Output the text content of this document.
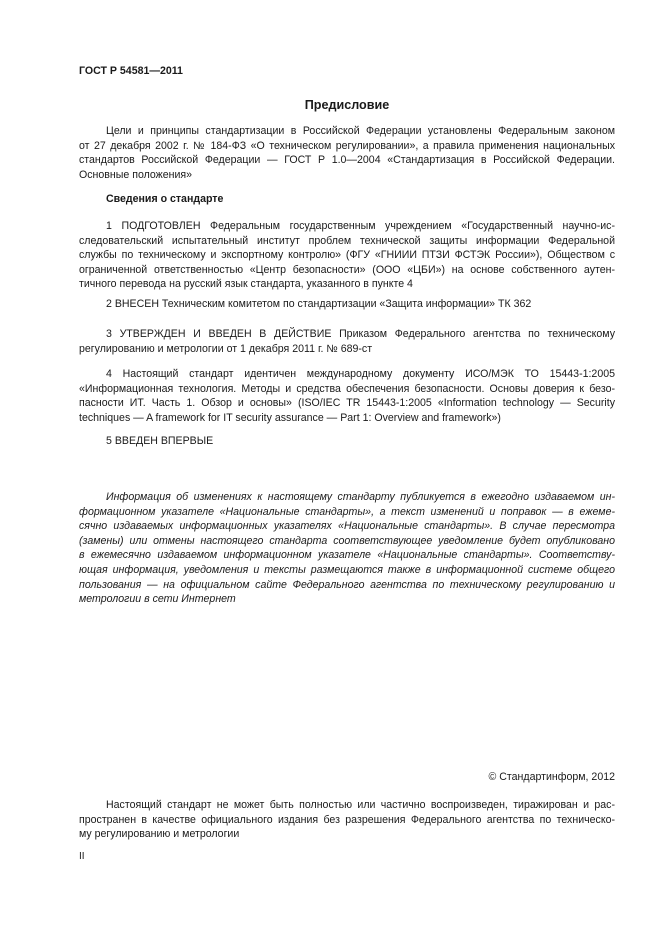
ГОСТ Р 54581—2011
Предисловие
Цели и принципы стандартизации в Российской Федерации установлены Федеральным законом
от 27 декабря 2002 г. № 184-ФЗ «О техническом регулировании», а правила применения национальных
стандартов Российской Федерации — ГОСТ Р 1.0—2004 «Стандартизация в Российской Федерации.
Основные положения»
Сведения о стандарте
1 ПОДГОТОВЛЕН Федеральным государственным учреждением «Государственный научно-ис-
следовательский испытательный институт проблем технической защиты информации Федеральной
службы по техническому и экспортному контролю» (ФГУ «ГНИИИ ПТЗИ ФСТЭК России»), Обществом с
ограниченной ответственностью «Центр безопасности» (ООО «ЦБИ») на основе собственного аутен-
тичного перевода на русский язык стандарта, указанного в пункте 4
2 ВНЕСЕН Техническим комитетом по стандартизации «Защита информации» ТК 362
3 УТВЕРЖДЕН И ВВЕДЕН В ДЕЙСТВИЕ Приказом Федерального агентства по техническому
регулированию и метрологии от 1 декабря 2011 г. № 689-ст
4 Настоящий стандарт идентичен международному документу ИСО/МЭК ТО 15443-1:2005
«Информационная технология. Методы и средства обеспечения безопасности. Основы доверия к безо-
пасности ИТ. Часть 1. Обзор и основы» (ISO/IEC TR 15443-1:2005 «Information technology — Security
techniques — A framework for IT security assurance — Part 1: Overview and framework»)
5 ВВЕДЕН ВПЕРВЫЕ
Информация об изменениях к настоящему стандарту публикуется в ежегодно издаваемом ин-
формационном указателе «Национальные стандарты», а текст изменений и поправок — в ежеме-
сячно издаваемых информационных указателях «Национальные стандарты». В случае пересмотра
(замены) или отмены настоящего стандарта соответствующее уведомление будет опубликовано
в ежемесячно издаваемом информационном указателе «Национальные стандарты». Соответству-
ющая информация, уведомления и тексты размещаются также в информационной системе общего
пользования — на официальном сайте Федерального агентства по техническому регулированию и
метрологии в сети Интернет
© Стандартинформ, 2012
Настоящий стандарт не может быть полностью или частично воспроизведен, тиражирован и рас-
пространен в качестве официального издания без разрешения Федерального агентства по техническо-
му регулированию и метрологии
II
